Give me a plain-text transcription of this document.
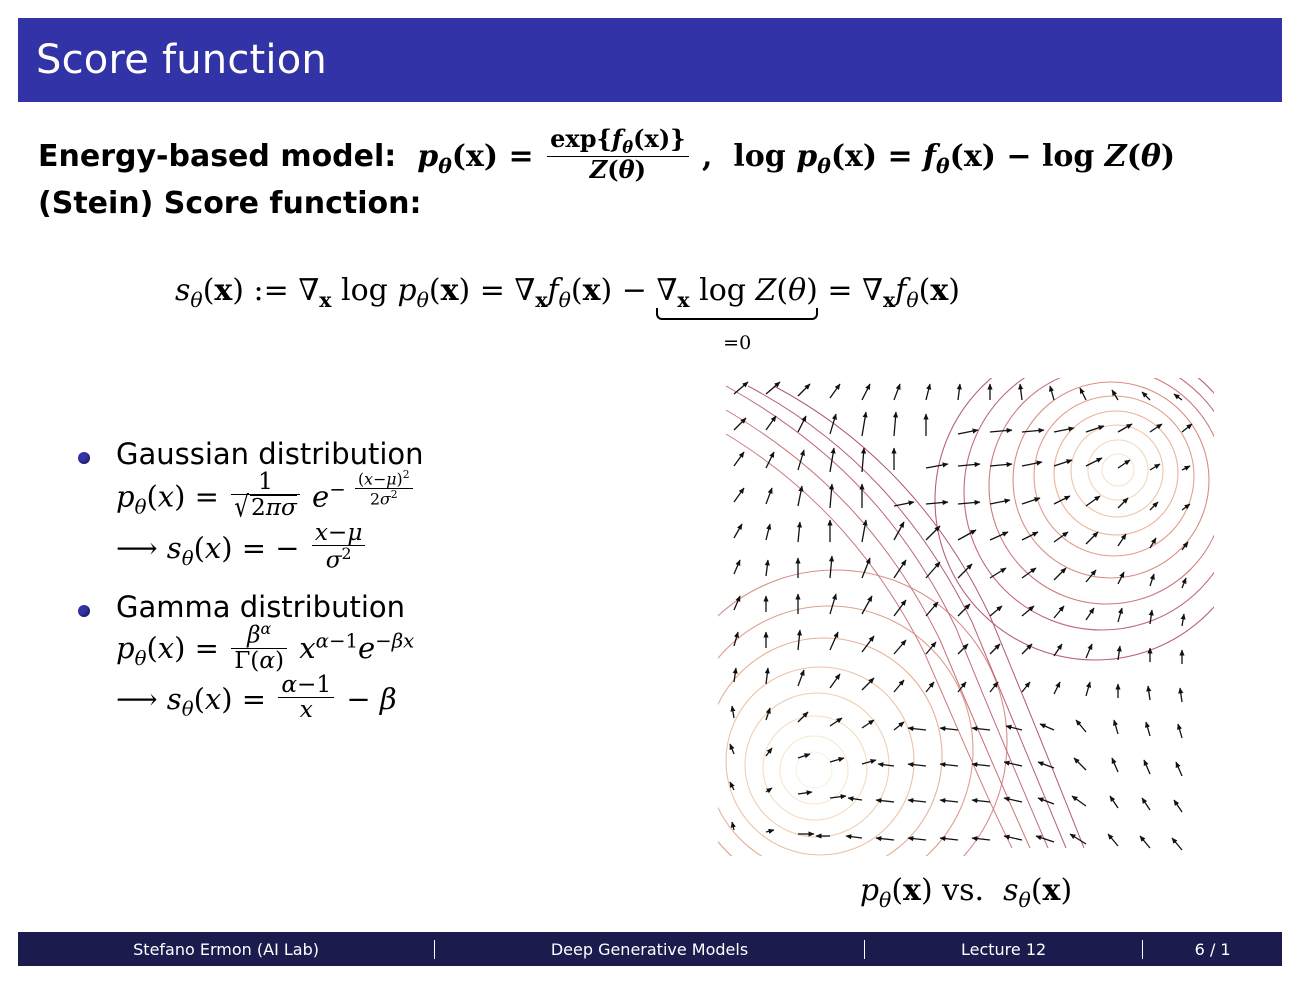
Score function
Energy-based model: $p_\theta(x) = \frac{\exp\{f_\theta(x)\}}{Z(\theta)}$ ,  $\log p_\theta(x) = f_\theta(x) - \log Z(\theta)$
(Stein) Score function:
$s_\theta(x)$ := $\nabla_x$ $\log p_\theta(x) = \nabla_xf_\theta(x) - \nabla_x$ log Z(θ)
=0
= $\nabla_xf_\theta(x)$
Gaussian distribution
$p_\theta(x) = \frac{1}{√2\pi\sigma} e^{- \frac{(x-\mu)^2}{2\sigma^2}}$
⟶ $s_\theta(x)$ = − $\frac{x-\mu}{\sigma^2}$
Gamma distribution
$p_\theta(x) = \frac{\beta^\alpha}{\Gamma(\alpha)} x^{\alpha-1}e^{-\beta x}$
⟶ $s_\theta(x) = \frac{\alpha-1}{x} - \beta$
$p_\theta(x)$ vs.  $s_\theta(x)$
Stefano Ermon (AI Lab)	Deep Generative Models	Lecture 12	6 / 1
